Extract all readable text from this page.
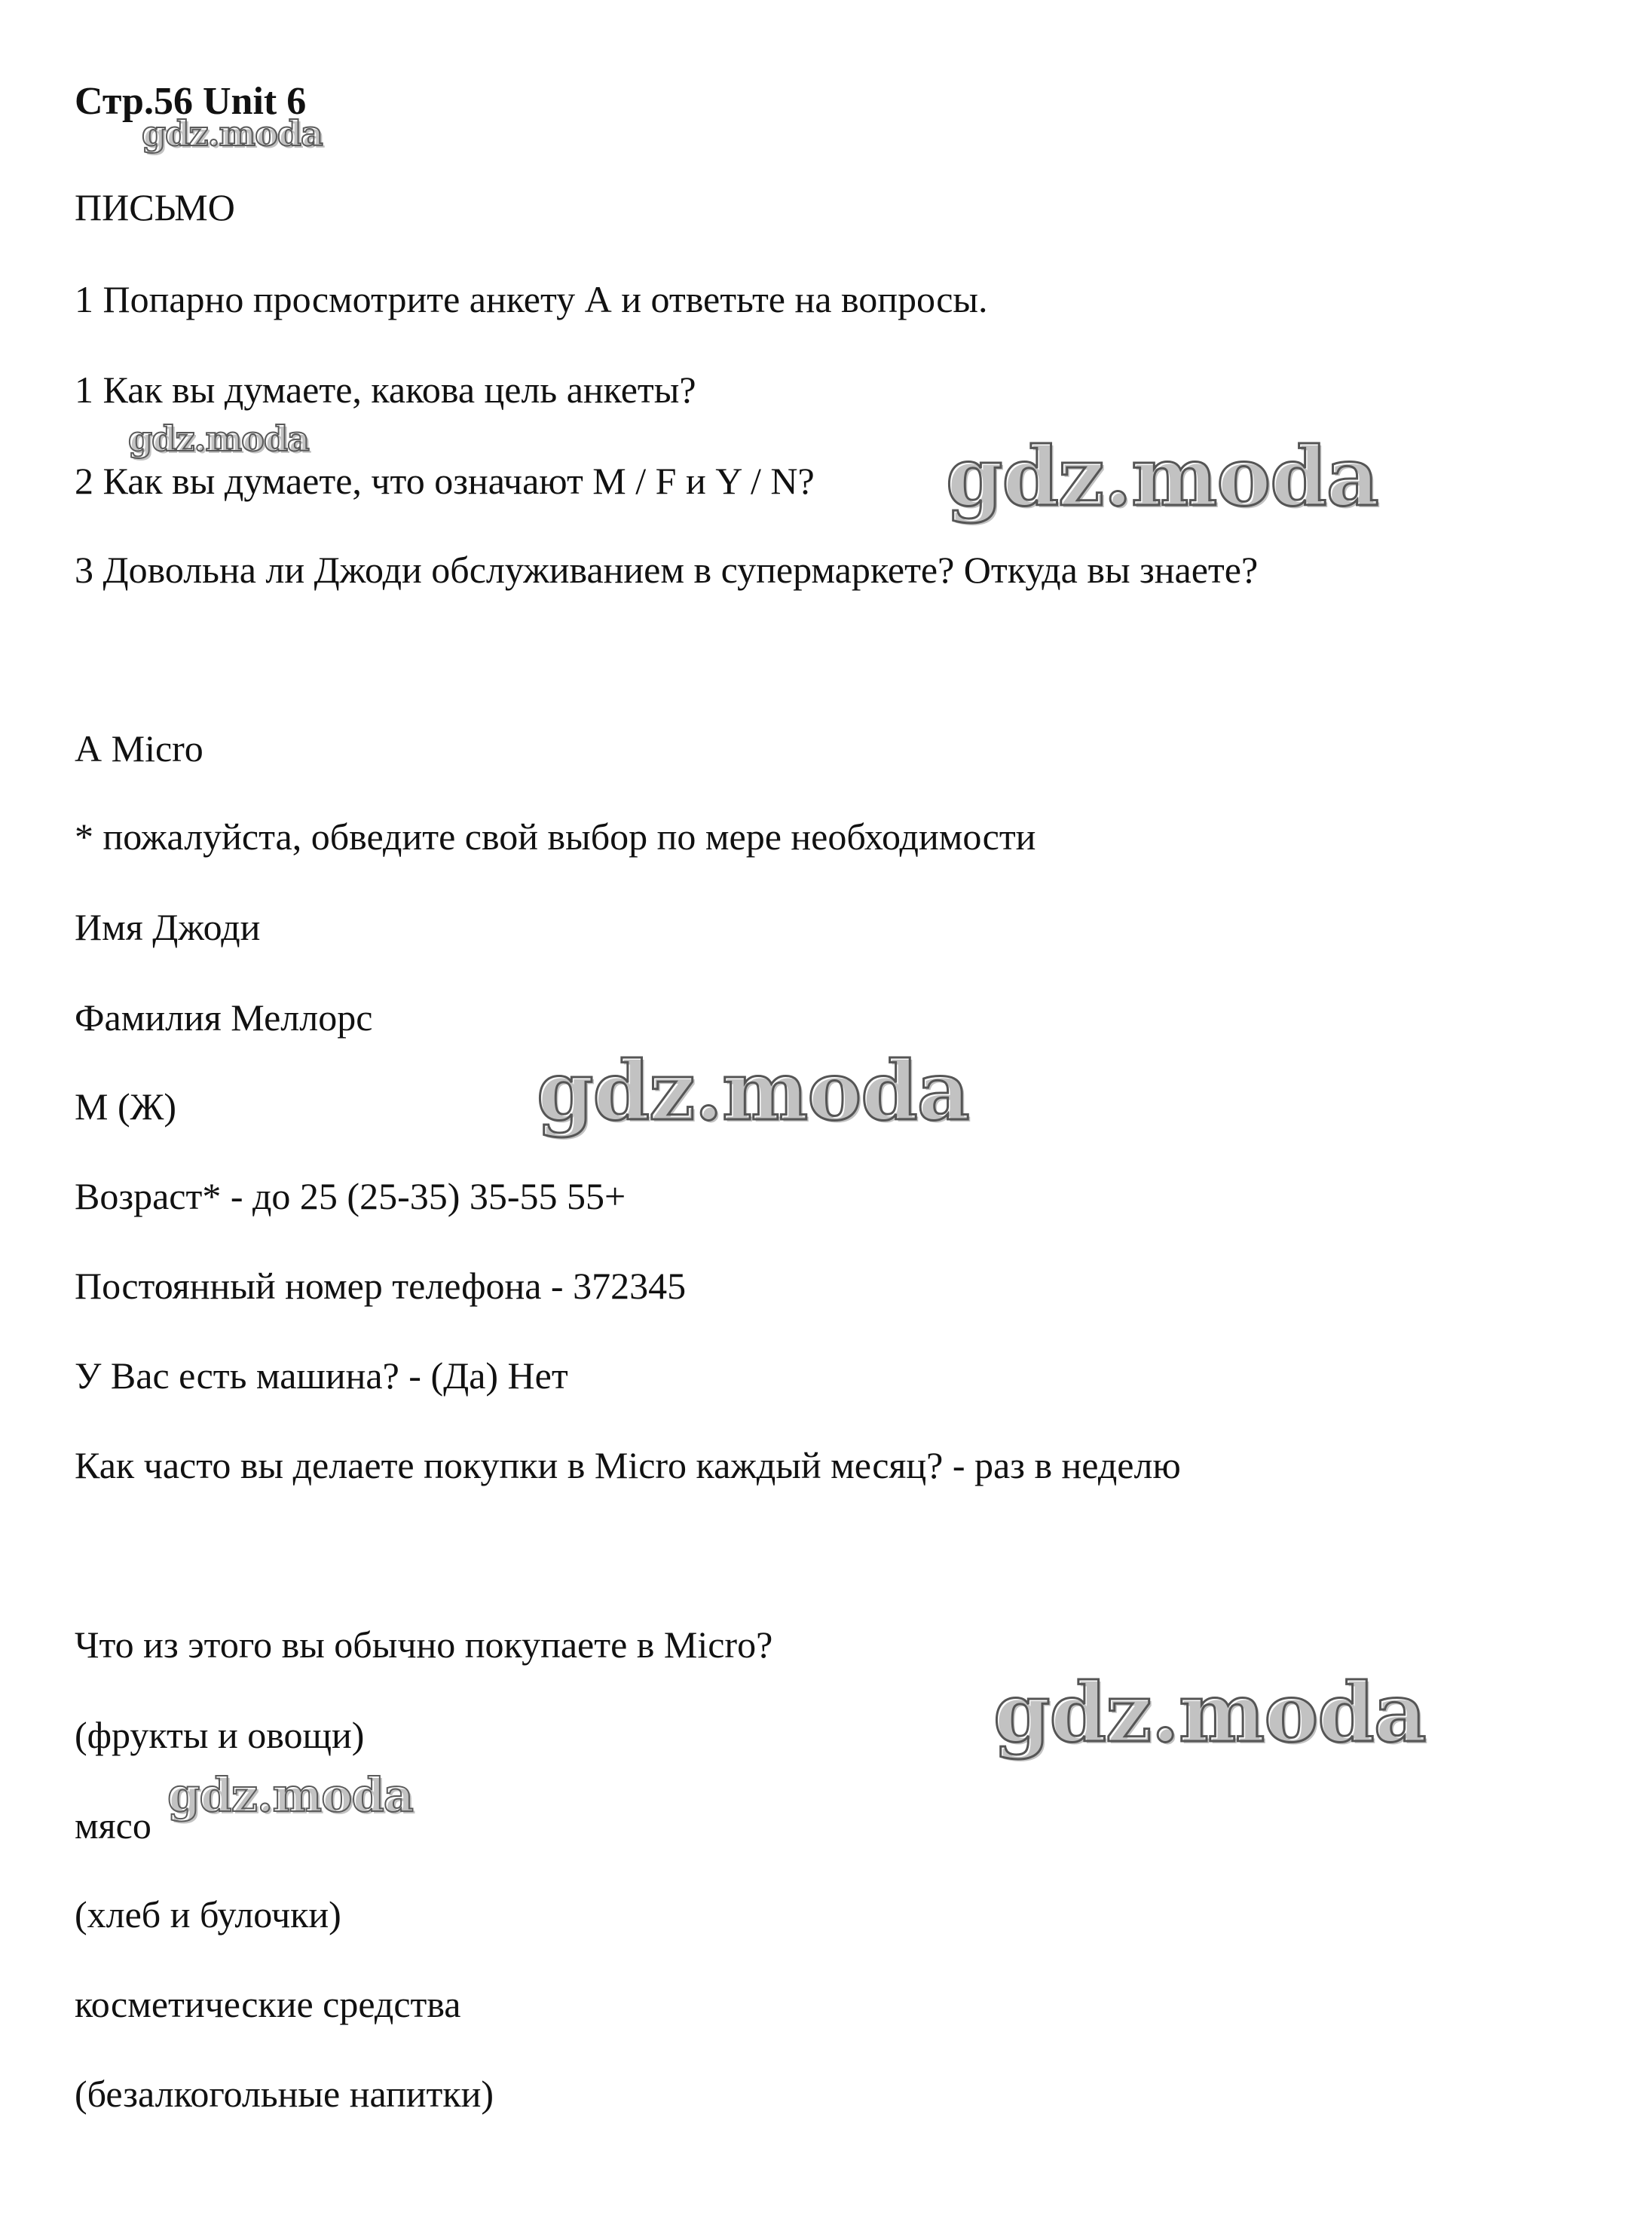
Стр.56 Unit 6
ПИСЬМО
1 Попарно просмотрите анкету А и ответьте на вопросы.
1 Как вы думаете, какова цель анкеты?
2 Как вы думаете, что означают M / F и Y / N?
3 Довольна ли Джоди обслуживанием в супермаркете? Откуда вы знаете?
А Micro
* пожалуйста, обведите свой выбор по мере необходимости
Имя Джоди
Фамилия Меллорс
М (Ж)
Возраст* - до 25 (25-35) 35-55 55+
Постоянный номер телефона - 372345
У Вас есть машина? - (Да) Нет
Как часто вы делаете покупки в Micro каждый месяц? - раз в неделю
Что из этого вы обычно покупаете в Micro?
(фрукты и овощи)
мясо
(хлеб и булочки)
косметические средства
(безалкогольные напитки)
gdz.moda
gdz.moda	gdz.moda
gdz.moda
gdz.moda
gdz.moda
